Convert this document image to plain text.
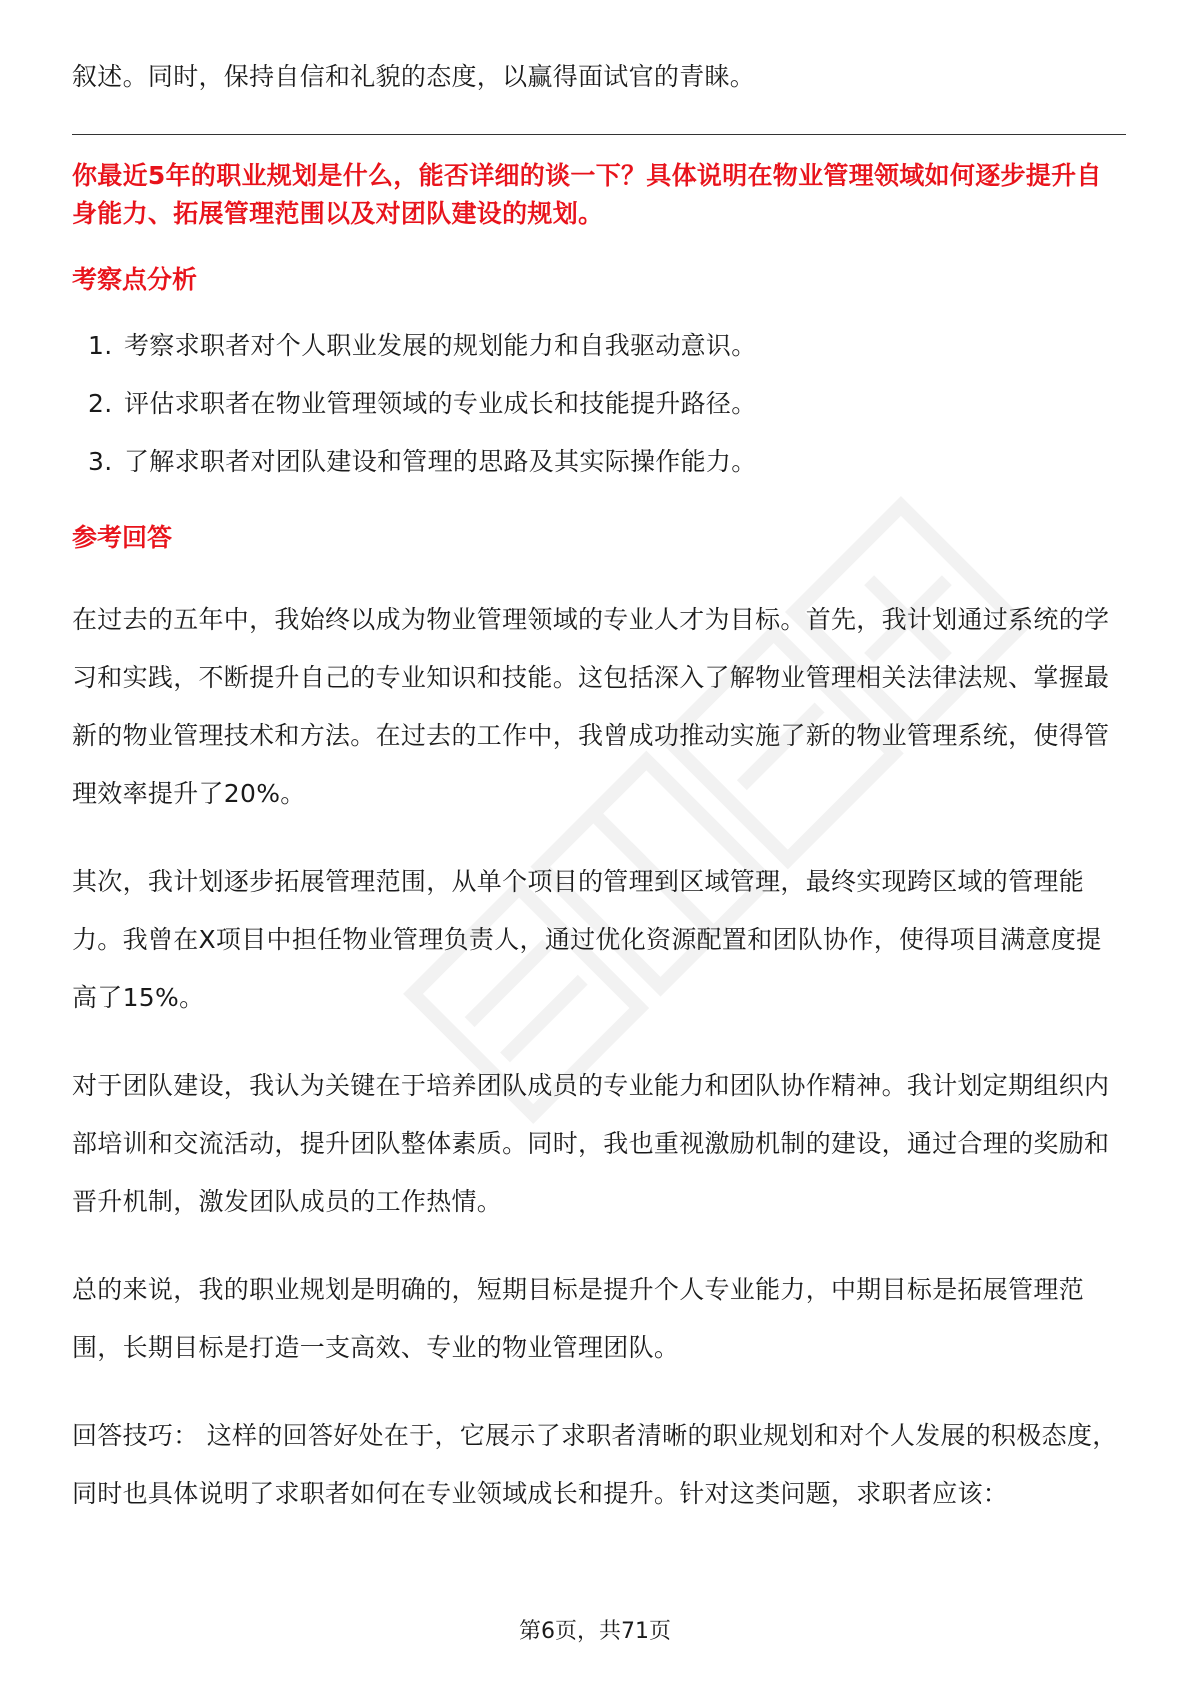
叙述。同时，保持自信和礼貌的态度，以赢得面试官的青睐。

你最近5年的职业规划是什么，能否详细的谈一下？具体说明在物业管理领域如何逐步提升自身能力、拓展管理范围以及对团队建设的规划。

考察点分析
1. 考察求职者对个人职业发展的规划能力和自我驱动意识。
2. 评估求职者在物业管理领域的专业成长和技能提升路径。
3. 了解求职者对团队建设和管理的思路及其实际操作能力。
参考回答

在过去的五年中，我始终以成为物业管理领域的专业人才为目标。首先，我计划通过系统的学习和实践，不断提升自己的专业知识和技能。这包括深入了解物业管理相关法律法规、掌握最新的物业管理技术和方法。在过去的工作中，我曾成功推动实施了新的物业管理系统，使得管理效率提升了20%。

其次，我计划逐步拓展管理范围，从单个项目的管理到区域管理，最终实现跨区域的管理能力。我曾在X项目中担任物业管理负责人，通过优化资源配置和团队协作，使得项目满意度提高了15%。

对于团队建设，我认为关键在于培养团队成员的专业能力和团队协作精神。我计划定期组织内部培训和交流活动，提升团队整体素质。同时，我也重视激励机制的建设，通过合理的奖励和晋升机制，激发团队成员的工作热情。

总的来说，我的职业规划是明确的，短期目标是提升个人专业能力，中期目标是拓展管理范围，长期目标是打造一支高效、专业的物业管理团队。

回答技巧： 这样的回答好处在于，它展示了求职者清晰的职业规划和对个人发展的积极态度，同时也具体说明了求职者如何在专业领域成长和提升。针对这类问题，求职者应该：

第6页，共71页
